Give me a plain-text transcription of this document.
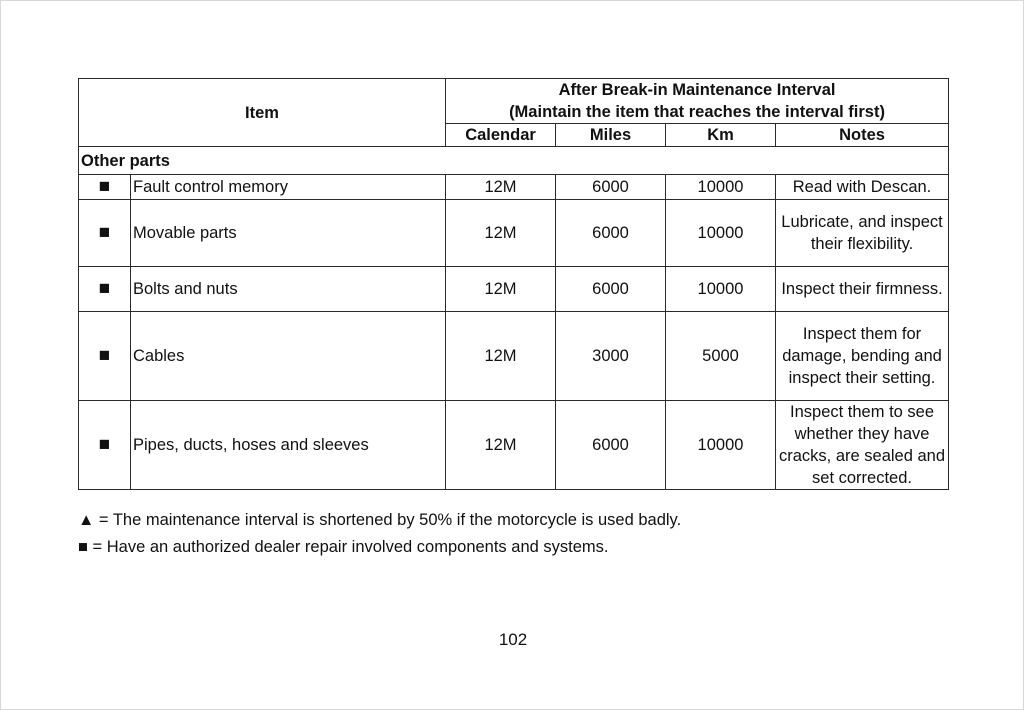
Item		After Break-in Maintenance Interval
(Maintain the item that reaches the interval first)			

		Calendar	Miles	Km	Notes
Other parts					
■	Fault control memory	12M	6000	10000	Read with Descan.
■	Movable parts	12M	6000	10000	Lubricate, and inspect their flexibility.
■	Bolts and nuts	12M	6000	10000	Inspect their firmness.
■	Cables	12M	3000	5000	Inspect them for damage, bending and inspect their setting.
■	Pipes, ducts, hoses and sleeves	12M	6000	10000	Inspect them to see whether they have cracks, are sealed and set corrected.
▲ = The maintenance interval is shortened by 50% if the motorcycle is used badly.
■ = Have an authorized dealer repair involved components and systems.
102
